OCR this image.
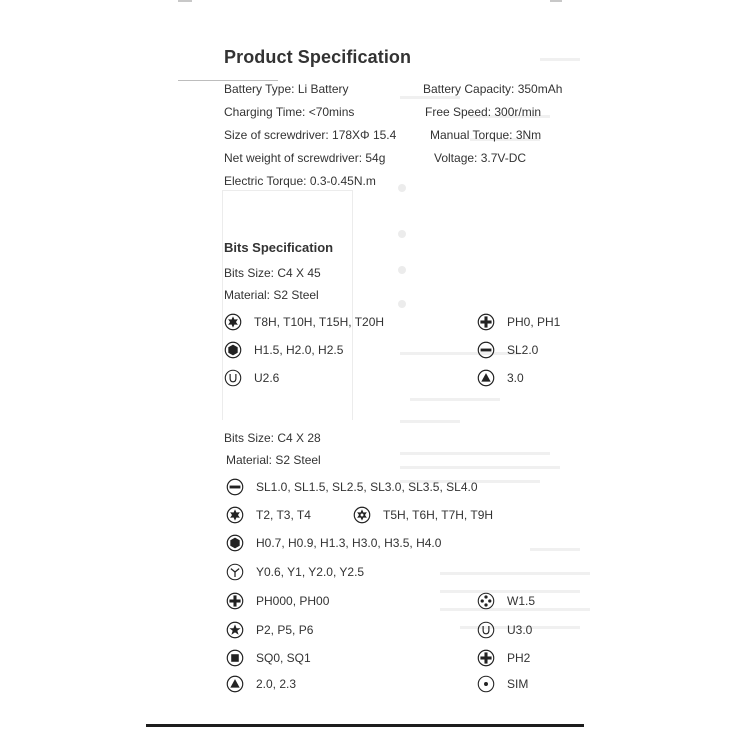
Product Specification
Battery Type: Li Battery
Charging Time: <70mins
Size of screwdriver: 178XΦ 15.4
Net weight of screwdriver: 54g
Electric Torque: 0.3-0.45N.m
Battery Capacity: 350mAh
Free Speed: 300r/min
Manual Torque: 3Nm
Voltage: 3.7V-DC
Bits Specification
Bits Size: C4 X 45
Material: S2 Steel
T8H, T10H, T15H, T20H	PH0, PH1
H1.5, H2.0, H2.5	SL2.0
U2.6	3.0
Bits Size: C4 X 28
Material: S2 Steel
SL1.0, SL1.5, SL2.5, SL3.0, SL3.5, SL4.0
T2, T3, T4	T5H, T6H, T7H, T9H
H0.7, H0.9, H1.3, H3.0, H3.5, H4.0
Y0.6, Y1, Y2.0, Y2.5
PH000, PH00	W1.5
P2, P5, P6	U3.0
SQ0, SQ1	PH2
2.0, 2.3	SIM
